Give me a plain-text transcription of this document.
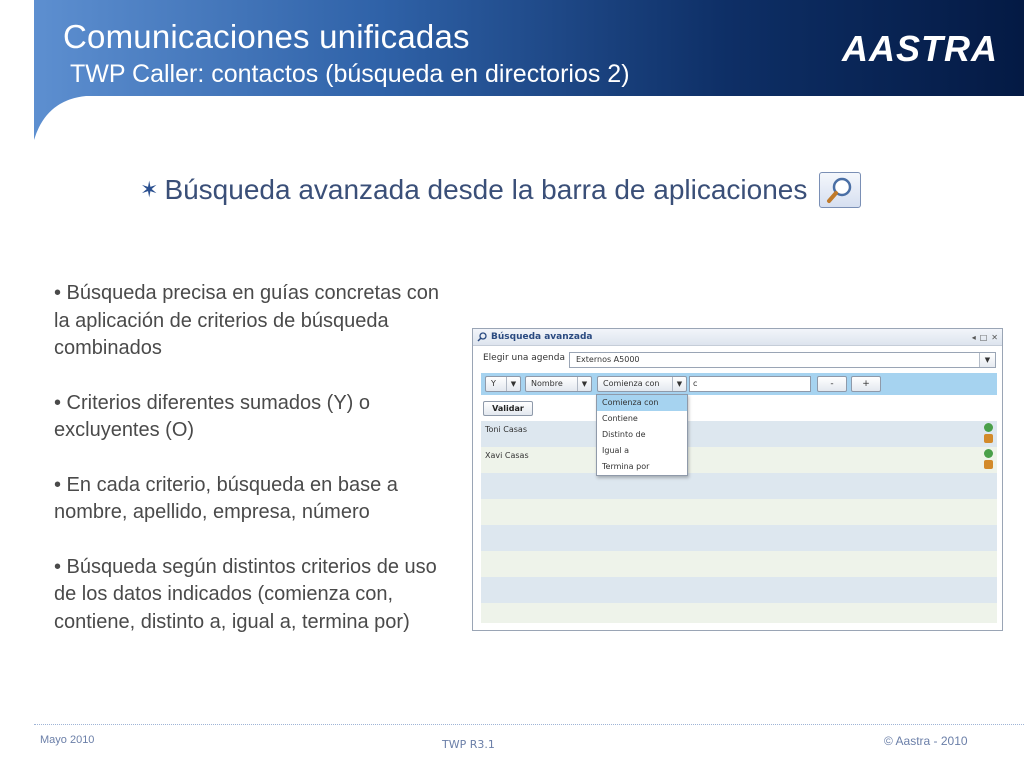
Comunicaciones unificadas
TWP Caller: contactos (búsqueda en directorios 2)
AASTRA
✶ Búsqueda avanzada desde la barra de aplicaciones
• Búsqueda precisa en guías concretas con la aplicación de criterios de búsqueda combinados
• Criterios diferentes sumados (Y) o excluyentes (O)
• En cada criterio, búsqueda en base a nombre, apellido, empresa, número
• Búsqueda según distintos criterios de uso de los datos indicados (comienza con, contiene, distinto a, igual a, termina por)
Búsqueda avanzada	◂ □ ✕
Elegir una agenda	Externos A5000	▼
Y	▼	Nombre	▼	Comienza con	▼	c	-	+
Validar
Toni Casas
Xavi Casas
Comienza con
Contiene
Distinto de
Igual a
Termina por
Mayo 2010	TWP R3.1	© Aastra - 2010
